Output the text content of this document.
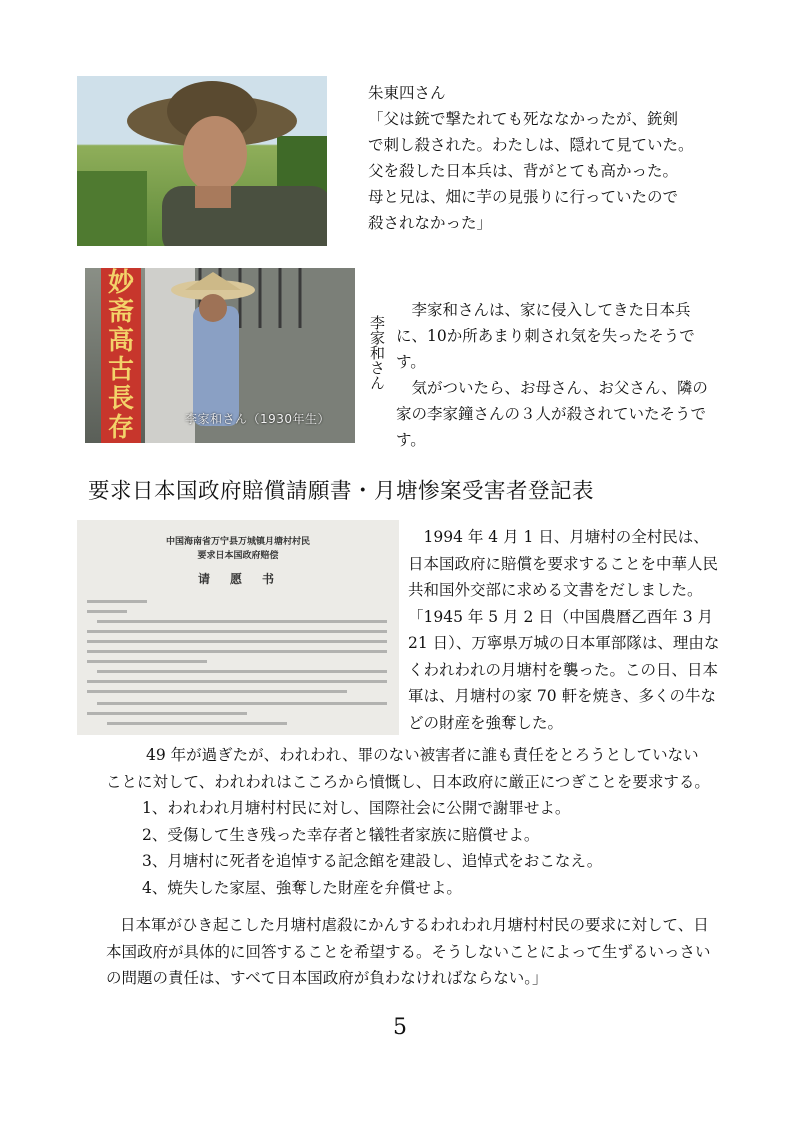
朱東四さん
「父は銃で撃たれても死ななかったが、銃剣
で刺し殺された。わたしは、隠れて見ていた。
父を殺した日本兵は、背がとても高かった。
母と兄は、畑に芋の見張りに行っていたので
殺されなかった」
妙
斋
高
古
長
存	李家和さん（1930年生）
李家和さん

李家和さんは、家に侵入してきた日本兵に、10か所あまり刺され気を失ったそうです。

気がついたら、お母さん、お父さん、隣の家の李家鐘さんの３人が殺されていたそうです。

要求日本国政府賠償請願書・月塘惨案受害者登記表
中国海南省万宁县万城镇月塘村村民
要求日本国政府赔偿
请　愿　书

1994 年 4 月 1 日、月塘村の全村民は、日本国政府に賠償を要求することを中華人民共和国外交部に求める文書をだしました。

「1945 年 5 月 2 日（中国農暦乙酉年 3 月 21 日）、万寧県万城の日本軍部隊は、理由なくわれわれの月塘村を襲った。この日、日本軍は、月塘村の家 70 軒を焼き、多くの牛などの財産を強奪した。

49 年が過ぎたが、われわれ、罪のない被害者に誰も責任をとろうとしていない
ことに対して、われわれはこころから憤慨し、日本政府に厳正につぎことを要求する。
1、われわれ月塘村村民に対し、国際社会に公開で謝罪せよ。
2、受傷して生き残った幸存者と犠牲者家族に賠償せよ。
3、月塘村に死者を追悼する記念館を建設し、追悼式をおこなえ。
4、焼失した家屋、強奪した財産を弁償せよ。
日本軍がひき起こした月塘村虐殺にかんするわれわれ月塘村村民の要求に対して、日
本国政府が具体的に回答することを希望する。そうしないことによって生ずるいっさい
の問題の責任は、すべて日本国政府が負わなければならない。」
5
